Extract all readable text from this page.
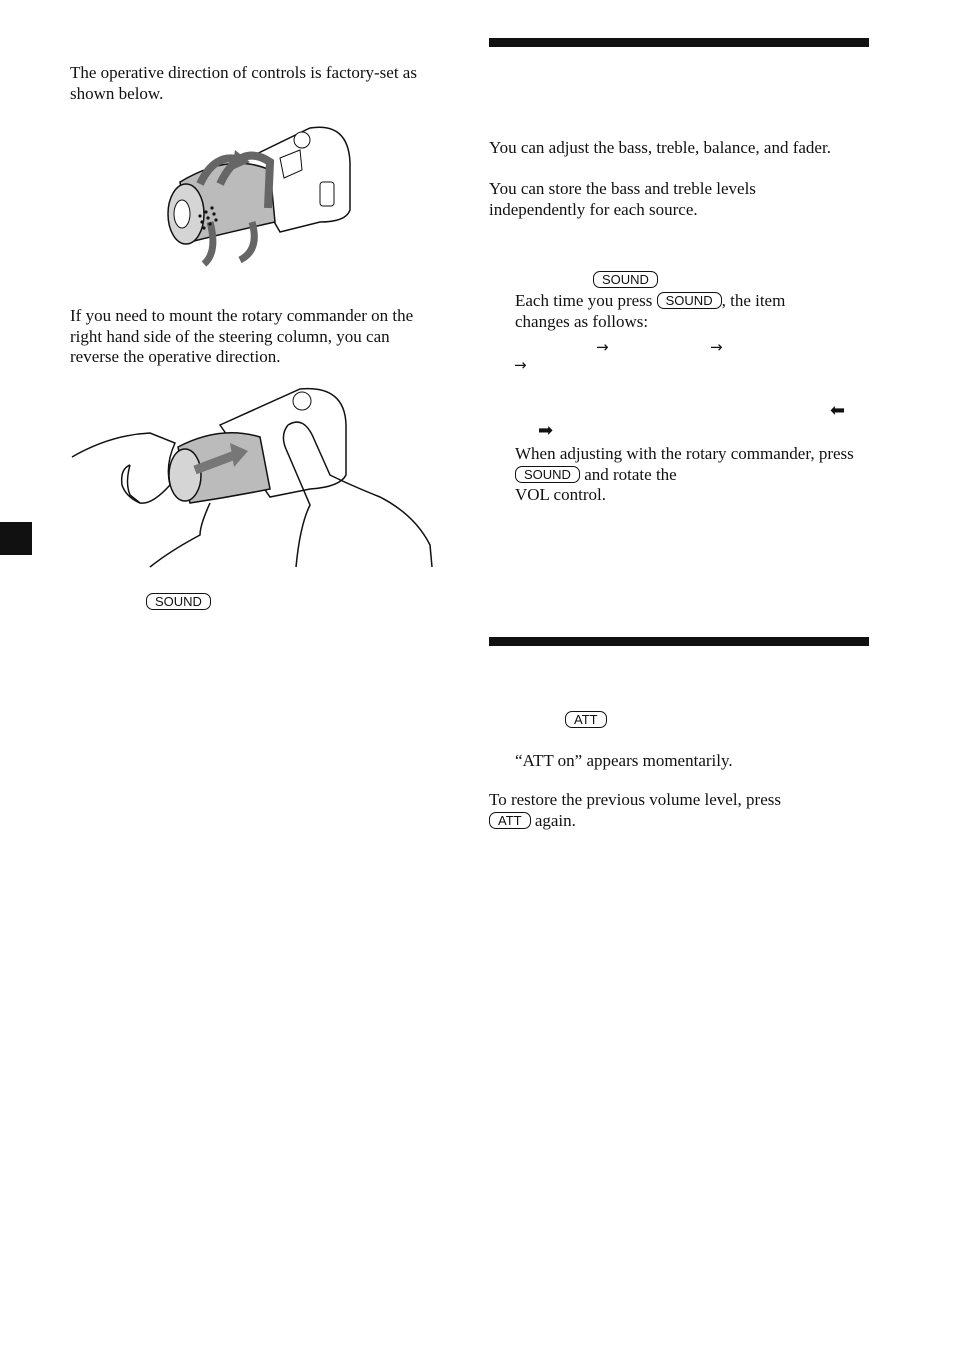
The operative direction of controls is factory-set as shown below.

If you need to mount the rotary commander on the right hand side of the steering column, you can reverse the operative direction.

SOUND

You can adjust the bass, treble, balance, and fader.

You can store the bass and treble levels independently for each source.

SOUND

Each time you press SOUND , the item
changes as follows:

→	→
→
⬅
➡

When adjusting with the rotary commander, press SOUND and rotate the
VOL control.

ATT

“ATT on” appears momentarily.

To restore the previous volume level, press
ATT again.
